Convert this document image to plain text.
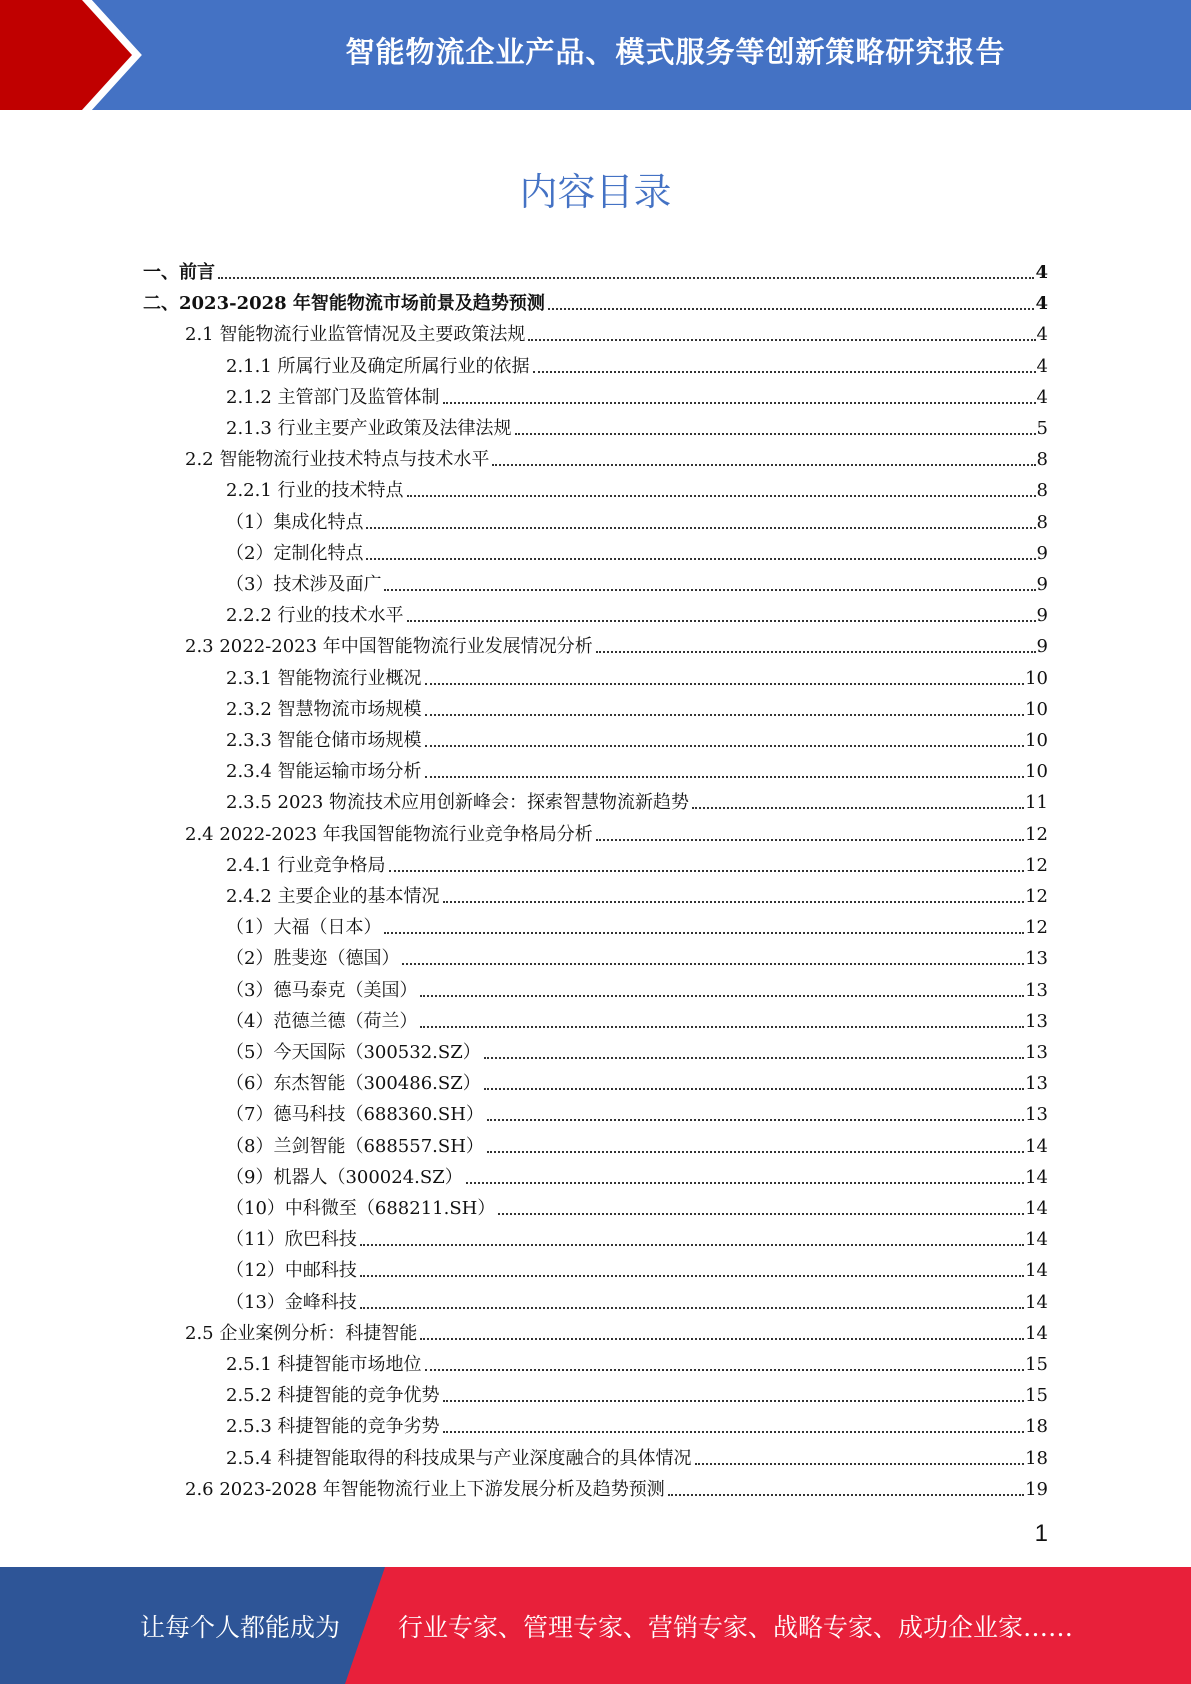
智能物流企业产品、模式服务等创新策略研究报告
内容目录
一、前言	4
二、2023-2028 年智能物流市场前景及趋势预测	4
2.1 智能物流行业监管情况及主要政策法规	4
2.1.1 所属行业及确定所属行业的依据	4
2.1.2 主管部门及监管体制	4
2.1.3 行业主要产业政策及法律法规	5
2.2 智能物流行业技术特点与技术水平	8
2.2.1 行业的技术特点	8
（1）集成化特点	8
（2）定制化特点	9
（3）技术涉及面广	9
2.2.2 行业的技术水平	9
2.3 2022-2023 年中国智能物流行业发展情况分析	9
2.3.1 智能物流行业概况	10
2.3.2 智慧物流市场规模	10
2.3.3 智能仓储市场规模	10
2.3.4 智能运输市场分析	10
2.3.5 2023 物流技术应用创新峰会：探索智慧物流新趋势	11
2.4 2022-2023 年我国智能物流行业竞争格局分析	12
2.4.1 行业竞争格局	12
2.4.2 主要企业的基本情况	12
（1）大福（日本）	12
（2）胜斐迩（德国）	13
（3）德马泰克（美国）	13
（4）范德兰德（荷兰）	13
（5）今天国际（300532.SZ）	13
（6）东杰智能（300486.SZ）	13
（7）德马科技（688360.SH）	13
（8）兰剑智能（688557.SH）	14
（9）机器人（300024.SZ）	14
（10）中科微至（688211.SH）	14
（11）欣巴科技	14
（12）中邮科技	14
（13）金峰科技	14
2.5 企业案例分析：科捷智能	14
2.5.1 科捷智能市场地位	15
2.5.2 科捷智能的竞争优势	15
2.5.3 科捷智能的竞争劣势	18
2.5.4 科捷智能取得的科技成果与产业深度融合的具体情况	18
2.6 2023-2028 年智能物流行业上下游发展分析及趋势预测	19
1
让每个人都能成为 行业专家、管理专家、营销专家、战略专家、成功企业家……
